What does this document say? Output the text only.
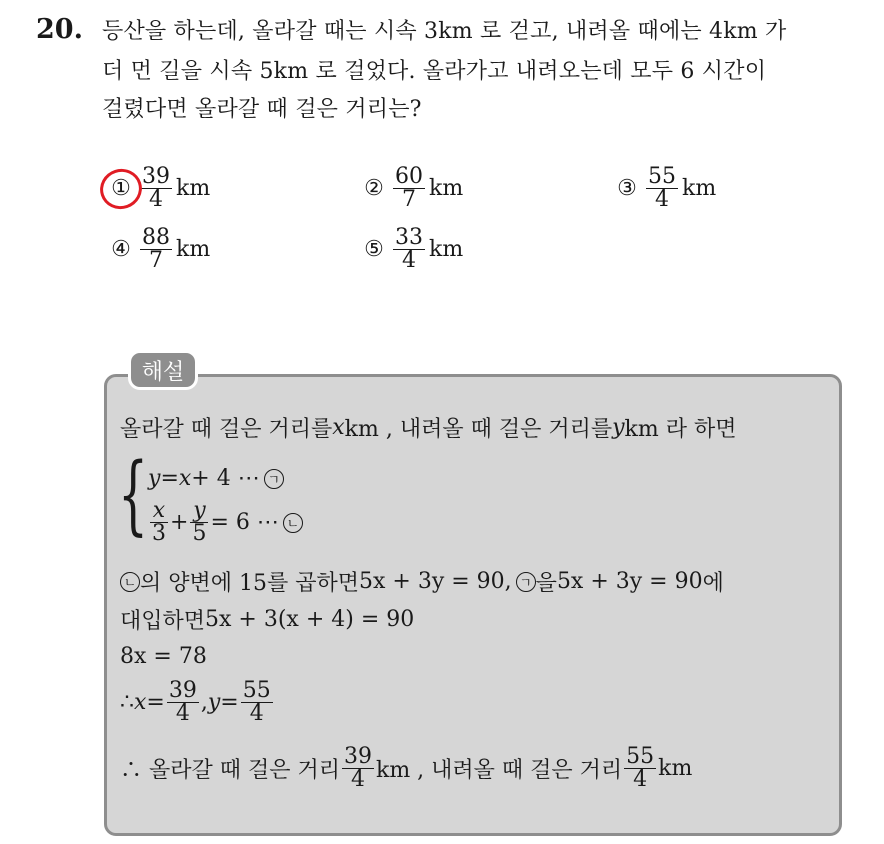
20. 등산을 하는데, 올라갈 때는 시속 3km 로 걷고, 내려올 때에는 4km 가
더 먼 길을 시속 5km 로 걸었다. 올라가고 내려오는데 모두 6 시간이
걸렸다면 올라갈 때 걸은 거리는?
① $\frac{39}{4}$ km	② $\frac{60}{7}$ km	③ $\frac{55}{4}$ km
④ $\frac{88}{7}$ km	⑤ $\frac{33}{4}$ km
해설
올라갈 때 걸은 거리를 x km , 내려올 때 걸은 거리를 y km 라 하면
{ y = x + 4 ⋯ ㄱ
$\frac{x}{3} + \frac{y}{5} = 6$ ⋯ ㄴ
ㄴ 의 양변에 15를 곱하면 5x + 3y = 90 , ㄱ 을 5x + 3y = 90 에
대입하면 5x + 3(x + 4) = 90
8x = 78
∴ $x = \frac{39}{4}$ , $y = \frac{55}{4}$
∴ 올라갈 때 걸은 거리 $\frac{39}{4}$ km , 내려올 때 걸은 거리 $\frac{55}{4}$ km
